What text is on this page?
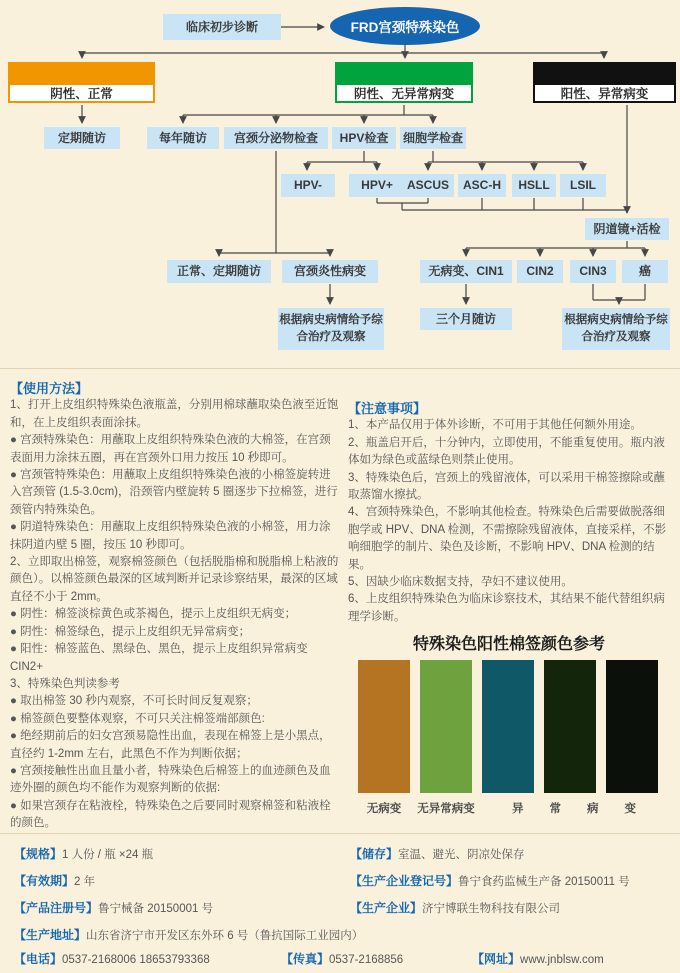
临床初步诊断	FRD宫颈特殊染色
阴性、正常	阴性、无异常病变	阳性、异常病变
定期随访	每年随访	宫颈分泌物检查	HPV检查	细胞学检查
HPV-	HPV+	ASCUS	ASC-H	HSLL	LSIL
阴道镜+活检
正常、定期随访	宫颈炎性病变	无病变、CIN1	CIN2	CIN3	癌
根据病史病情给予综合治疗及观察
三个月随访	根据病史病情给予综合治疗及观察

【使用方法】

1、打开上皮组织特殊染色液瓶盖，分别用棉球蘸取染色液至近饱和，在上皮组织表面涂抹。

● 宫颈特殊染色：用蘸取上皮组织特殊染色液的大棉签，在宫颈表面用力涂抹五圈，再在宫颈外口用力按压 10 秒即可。

● 宫颈管特殊染色：用蘸取上皮组织特殊染色液的小棉签旋转进入宫颈管 (1.5-3.0cm)，沿颈管内壁旋转 5 圈逐步下拉棉签，进行颈管内特殊染色。

● 阴道特殊染色：用蘸取上皮组织特殊染色液的小棉签，用力涂抹阴道内壁 5 圈，按压 10 秒即可。

2、立即取出棉签，观察棉签颜色（包括脱脂棉和脱脂棉上粘液的颜色）。以棉签颜色最深的区域判断并记录诊察结果，最深的区域直径不小于 2mm。

● 阴性：棉签淡棕黄色或茶褐色，提示上皮组织无病变；

● 阴性：棉签绿色，提示上皮组织无异常病变；

● 阳性：棉签蓝色、黑绿色、黑色，提示上皮组织异常病变 CIN2+

3、特殊染色判读参考

● 取出棉签 30 秒内观察，不可长时间反复观察；

● 棉签颜色要整体观察，不可只关注棉签端部颜色:

● 绝经期前后的妇女宫颈易隐性出血，表现在棉签上是小黑点，直径约 1-2mm 左右，此黑色不作为判断依据；

● 宫颈接触性出血且量小者，特殊染色后棉签上的血迹颜色及血迹外圈的颜色均不能作为观察判断的依据:

● 如果宫颈存在粘液栓，特殊染色之后要同时观察棉签和粘液栓的颜色。

【注意事项】

1、本产品仅用于体外诊断，不可用于其他任何额外用途。

2、瓶盖启开后，十分钟内，立即使用，不能重复使用。瓶内液体如为绿色或蓝绿色则禁止使用。

3、特殊染色后，宫颈上的残留液体，可以采用干棉签擦除或蘸取蒸馏水擦拭。

4、宫颈特殊染色，不影响其他检查。特殊染色后需要做脱落细胞学或 HPV、DNA 检测，不需擦除残留液体，直接采样，不影响细胞学的制片、染色及诊断，不影响 HPV、DNA 检测的结果。

5、因缺少临床数据支持，孕妇不建议使用。

6、上皮组织特殊染色为临床诊察技术，其结果不能代替组织病理学诊断。

特殊染色阳性棉签颜色参考
无病变	无异常病变	异常病变
【规格】1 人份 / 瓶 ×24 瓶	【储存】室温、避光、阴凉处保存
【有效期】2 年	【生产企业登记号】鲁宁食药监械生产备 20150011 号
【产品注册号】鲁宁械备 20150001 号	【生产企业】济宁博联生物科技有限公司
【生产地址】山东省济宁市开发区东外环 6 号（鲁抗国际工业园内）
【电话】0537-2168006 18653793368	【传真】0537-2168856	【网址】www.jnblsw.com
